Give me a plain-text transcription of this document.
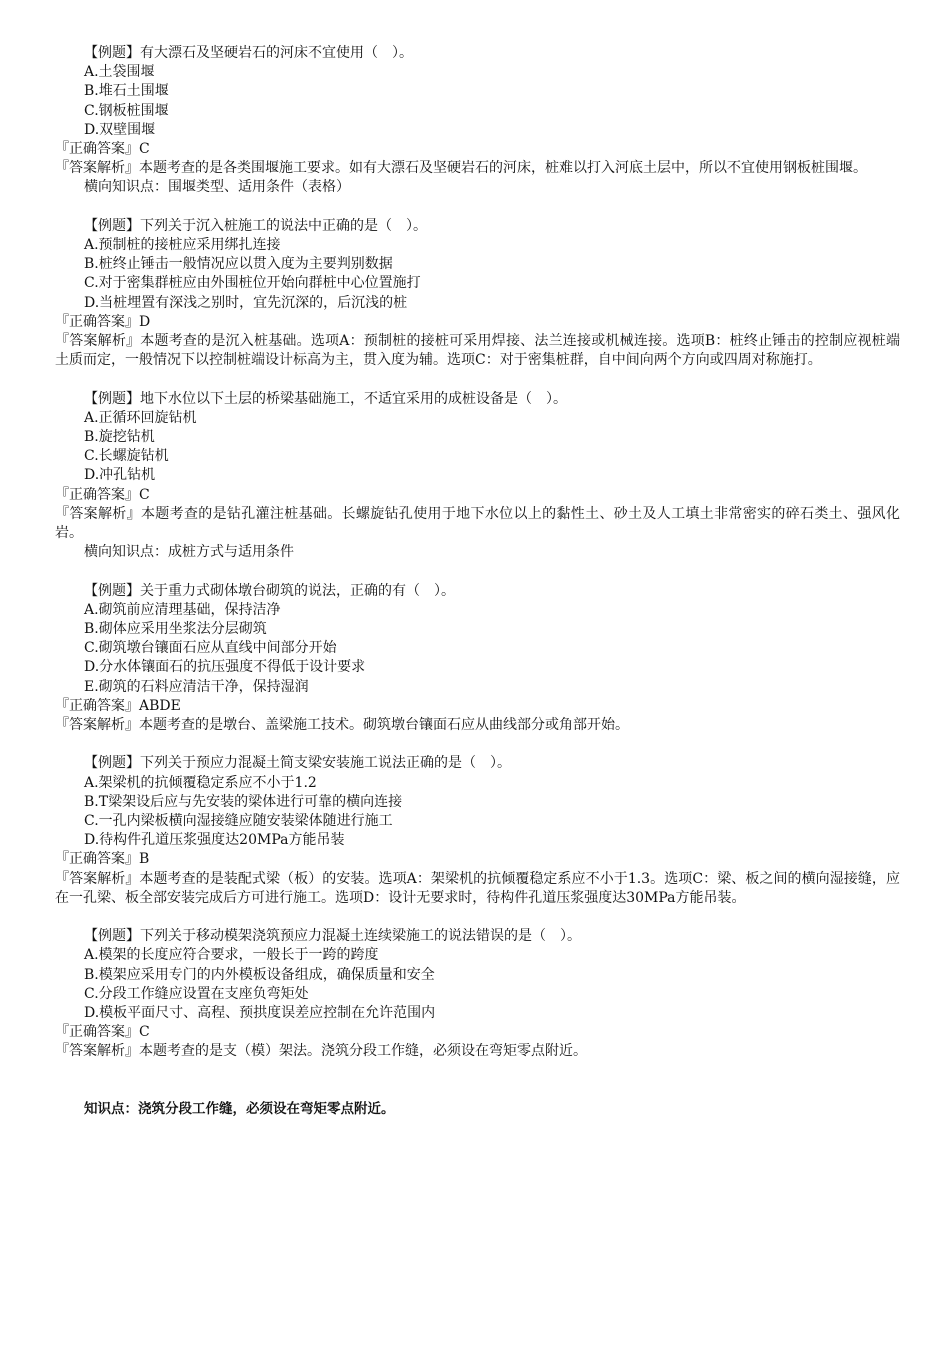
【例题】有大漂石及坚硬岩石的河床不宜使用（　）。
A.土袋围堰
B.堆石土围堰
C.钢板桩围堰
D.双壁围堰
『正确答案』C
『答案解析』本题考查的是各类围堰施工要求。如有大漂石及坚硬岩石的河床，桩难以打入河底土层中，所以不宜使用钢板桩围堰。
横向知识点：围堰类型、适用条件（表格）
【例题】下列关于沉入桩施工的说法中正确的是（　）。
A.预制桩的接桩应采用绑扎连接
B.桩终止锤击一般情况应以贯入度为主要判别数据
C.对于密集群桩应由外围桩位开始向群桩中心位置施打
D.当桩埋置有深浅之别时，宜先沉深的，后沉浅的桩
『正确答案』D
『答案解析』本题考查的是沉入桩基础。选项A：预制桩的接桩可采用焊接、法兰连接或机械连接。选项B：桩终止锤击的控制应视桩端土质而定，一般情况下以控制桩端设计标高为主，贯入度为辅。选项C：对于密集桩群，自中间向两个方向或四周对称施打。
【例题】地下水位以下土层的桥梁基础施工，不适宜采用的成桩设备是（　）。
A.正循环回旋钻机
B.旋挖钻机
C.长螺旋钻机
D.冲孔钻机
『正确答案』C
『答案解析』本题考查的是钻孔灌注桩基础。长螺旋钻孔使用于地下水位以上的黏性土、砂土及人工填土非常密实的碎石类土、强风化岩。
横向知识点：成桩方式与适用条件
【例题】关于重力式砌体墩台砌筑的说法，正确的有（　）。
A.砌筑前应清理基础，保持洁净
B.砌体应采用坐浆法分层砌筑
C.砌筑墩台镶面石应从直线中间部分开始
D.分水体镶面石的抗压强度不得低于设计要求
E.砌筑的石料应清洁干净，保持湿润
『正确答案』ABDE
『答案解析』本题考查的是墩台、盖梁施工技术。砌筑墩台镶面石应从曲线部分或角部开始。
【例题】下列关于预应力混凝土简支梁安装施工说法正确的是（　）。
A.架梁机的抗倾覆稳定系应不小于1.2
B.T梁架设后应与先安装的梁体进行可靠的横向连接
C.一孔内梁板横向湿接缝应随安装梁体随进行施工
D.待构件孔道压浆强度达20MPa方能吊装
『正确答案』B
『答案解析』本题考查的是装配式梁（板）的安装。选项A：架梁机的抗倾覆稳定系应不小于1.3。选项C：梁、板之间的横向湿接缝，应在一孔梁、板全部安装完成后方可进行施工。选项D：设计无要求时，待构件孔道压浆强度达30MPa方能吊装。
【例题】下列关于移动模架浇筑预应力混凝土连续梁施工的说法错误的是（　）。
A.模架的长度应符合要求，一般长于一跨的跨度
B.模架应采用专门的内外模板设备组成，确保质量和安全
C.分段工作缝应设置在支座负弯矩处
D.模板平面尺寸、高程、预拱度误差应控制在允许范围内
『正确答案』C
『答案解析』本题考查的是支（模）架法。浇筑分段工作缝，必须设在弯矩零点附近。
知识点：浇筑分段工作缝，必须设在弯矩零点附近。
